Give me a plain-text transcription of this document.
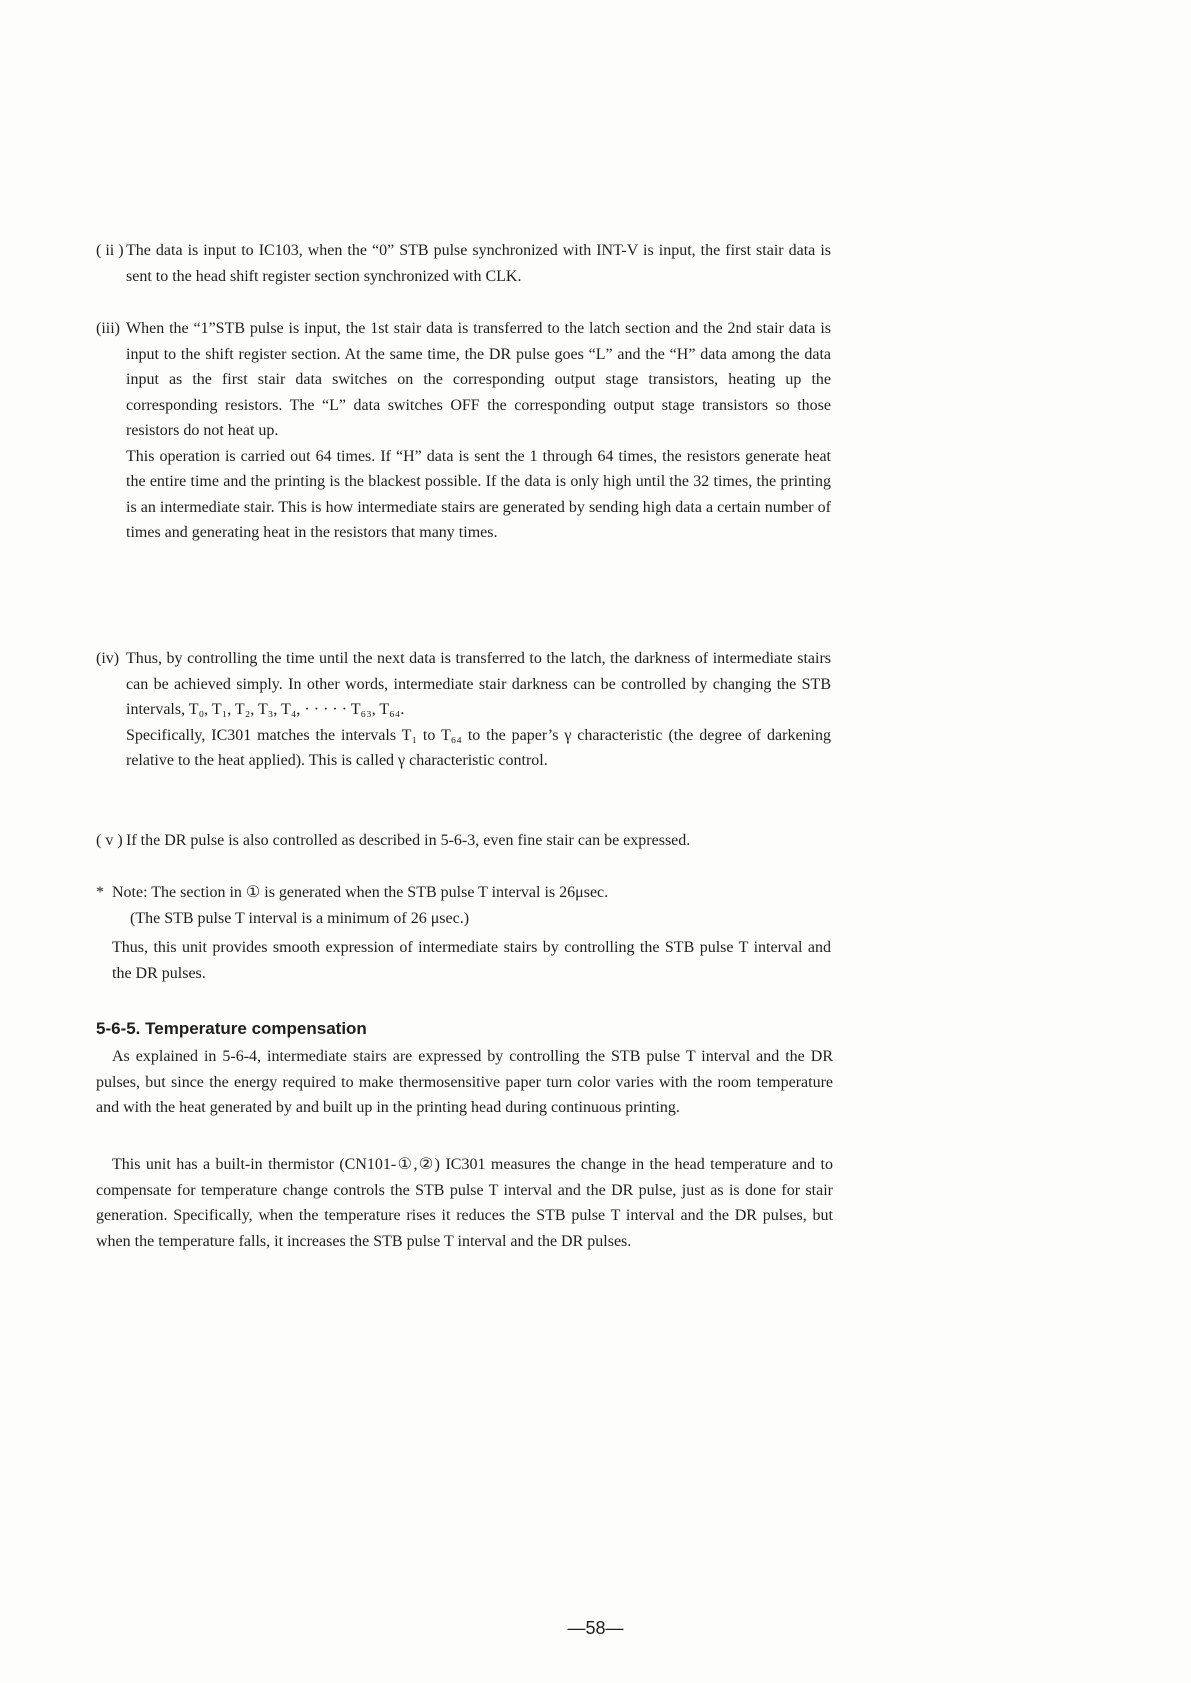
( ii ) The data is input to IC103, when the “0” STB pulse synchronized with INT-V is input, the first stair data is sent to the head shift register section synchronized with CLK.

(iii) When the “1”STB pulse is input, the 1st stair data is transferred to the latch section and the 2nd stair data is input to the shift register section. At the same time, the DR pulse goes “L” and the “H” data among the data input as the first stair data switches on the corresponding output stage transistors, heating up the corresponding resistors. The “L” data switches OFF the corresponding output stage transistors so those resistors do not heat up.

This operation is carried out 64 times. If “H” data is sent the 1 through 64 times, the resistors generate heat the entire time and the printing is the blackest possible. If the data is only high until the 32 times, the printing is an intermediate stair. This is how intermediate stairs are generated by sending high data a certain number of times and generating heat in the resistors that many times.

(iv) Thus, by controlling the time until the next data is transferred to the latch, the darkness of intermediate stairs can be achieved simply. In other words, intermediate stair darkness can be controlled by changing the STB intervals, T₀, T₁, T₂, T₃, T₄, · · · · · T₆₃, T₆₄.

Specifically, IC301 matches the intervals T₁ to T₆₄ to the paper’s γ characteristic (the degree of darkening relative to the heat applied). This is called γ characteristic control.

( v ) If the DR pulse is also controlled as described in 5-6-3, even fine stair can be expressed.

* Note: The section in ① is generated when the STB pulse T interval is 26μsec.
(The STB pulse T interval is a minimum of 26 μsec.)
Thus, this unit provides smooth expression of intermediate stairs by controlling the STB pulse T interval and the DR pulses.
5-6-5. Temperature compensation

As explained in 5-6-4, intermediate stairs are expressed by controlling the STB pulse T interval and the DR pulses, but since the energy required to make thermosensitive paper turn color varies with the room temperature and with the heat generated by and built up in the printing head during continuous printing.

This unit has a built-in thermistor (CN101-①,②) IC301 measures the change in the head temperature and to compensate for temperature change controls the STB pulse T interval and the DR pulse, just as is done for stair generation. Specifically, when the temperature rises it reduces the STB pulse T interval and the DR pulses, but when the temperature falls, it increases the STB pulse T interval and the DR pulses.

—58—
